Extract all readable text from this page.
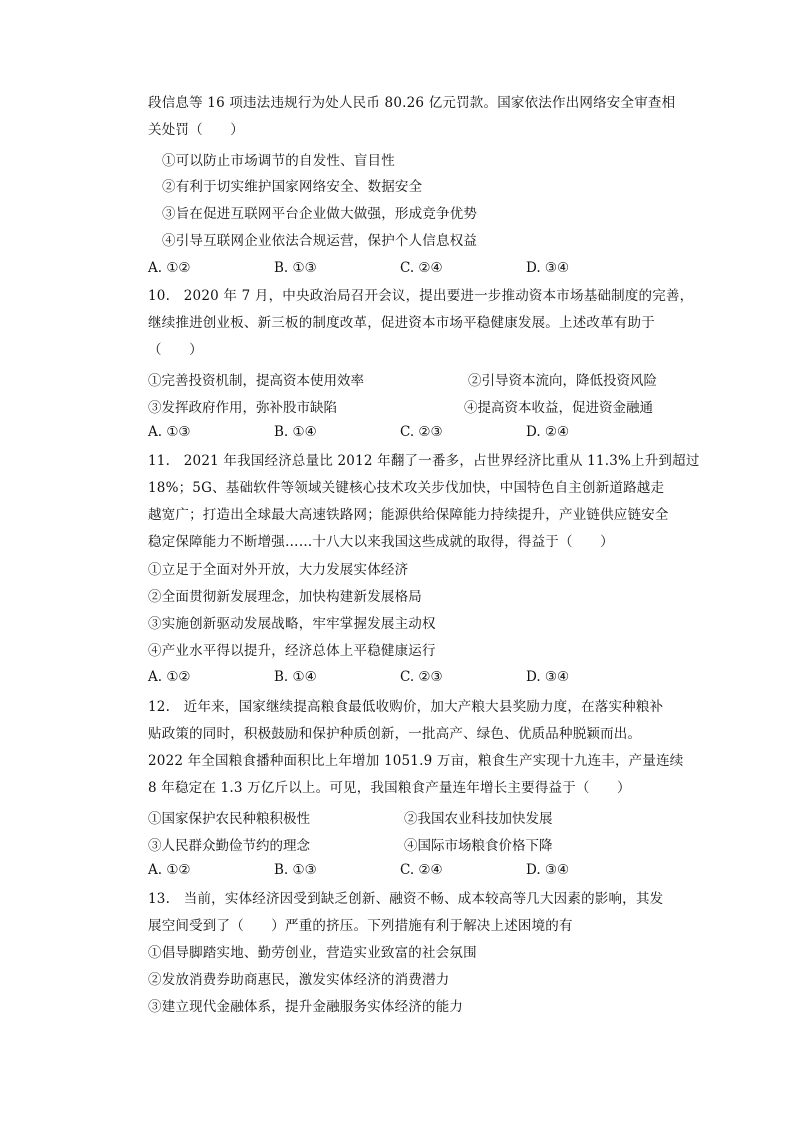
段信息等 16 项违法违规行为处人民币 80.26 亿元罚款。国家依法作出网络安全审查相
关处罚（　　）
①可以防止市场调节的自发性、盲目性
②有利于切实维护国家网络安全、数据安全
③旨在促进互联网平台企业做大做强，形成竞争优势
④引导互联网企业依法合规运营，保护个人信息权益
A. ①②	B. ①③	C. ②④	D. ③④
10.　2020 年 7 月，中央政治局召开会议，提出要进一步推动资本市场基础制度的完善，
继续推进创业板、新三板的制度改革，促进资本市场平稳健康发展。上述改革有助于
（　　）
①完善投资机制，提高资本使用效率	②引导资本流向，降低投资风险
③发挥政府作用，弥补股市缺陷	④提高资本收益，促进资金融通
A. ①③	B. ①④	C. ②③	D. ②④
11.　2021 年我国经济总量比 2012 年翻了一番多，占世界经济比重从 11.3%上升到超过
18%；5G、基础软件等领域关键核心技术攻关步伐加快，中国特色自主创新道路越走
越宽广；打造出全球最大高速铁路网；能源供给保障能力持续提升，产业链供应链安全
稳定保障能力不断增强……十八大以来我国这些成就的取得，得益于（　　）
①立足于全面对外开放，大力发展实体经济
②全面贯彻新发展理念，加快构建新发展格局
③实施创新驱动发展战略，牢牢掌握发展主动权
④产业水平得以提升，经济总体上平稳健康运行
A. ①②	B. ①④	C. ②③	D. ③④
12.　近年来，国家继续提高粮食最低收购价，加大产粮大县奖励力度，在落实种粮补
贴政策的同时，积极鼓励和保护种质创新，一批高产、绿色、优质品种脱颖而出。
2022 年全国粮食播种面积比上年增加 1051.9 万亩，粮食生产实现十九连丰，产量连续
8 年稳定在 1.3 万亿斤以上。可见，我国粮食产量连年增长主要得益于（　　）
①国家保护农民种粮积极性	②我国农业科技加快发展
③人民群众勤俭节约的理念	④国际市场粮食价格下降
A. ①②	B. ①③	C. ②④	D. ③④
13.　当前，实体经济因受到缺乏创新、融资不畅、成本较高等几大因素的影响，其发
展空间受到了（　　）严重的挤压。下列措施有利于解决上述困境的有
①倡导脚踏实地、勤劳创业，营造实业致富的社会氛围
②发放消费券助商惠民，激发实体经济的消费潜力
③建立现代金融体系，提升金融服务实体经济的能力
